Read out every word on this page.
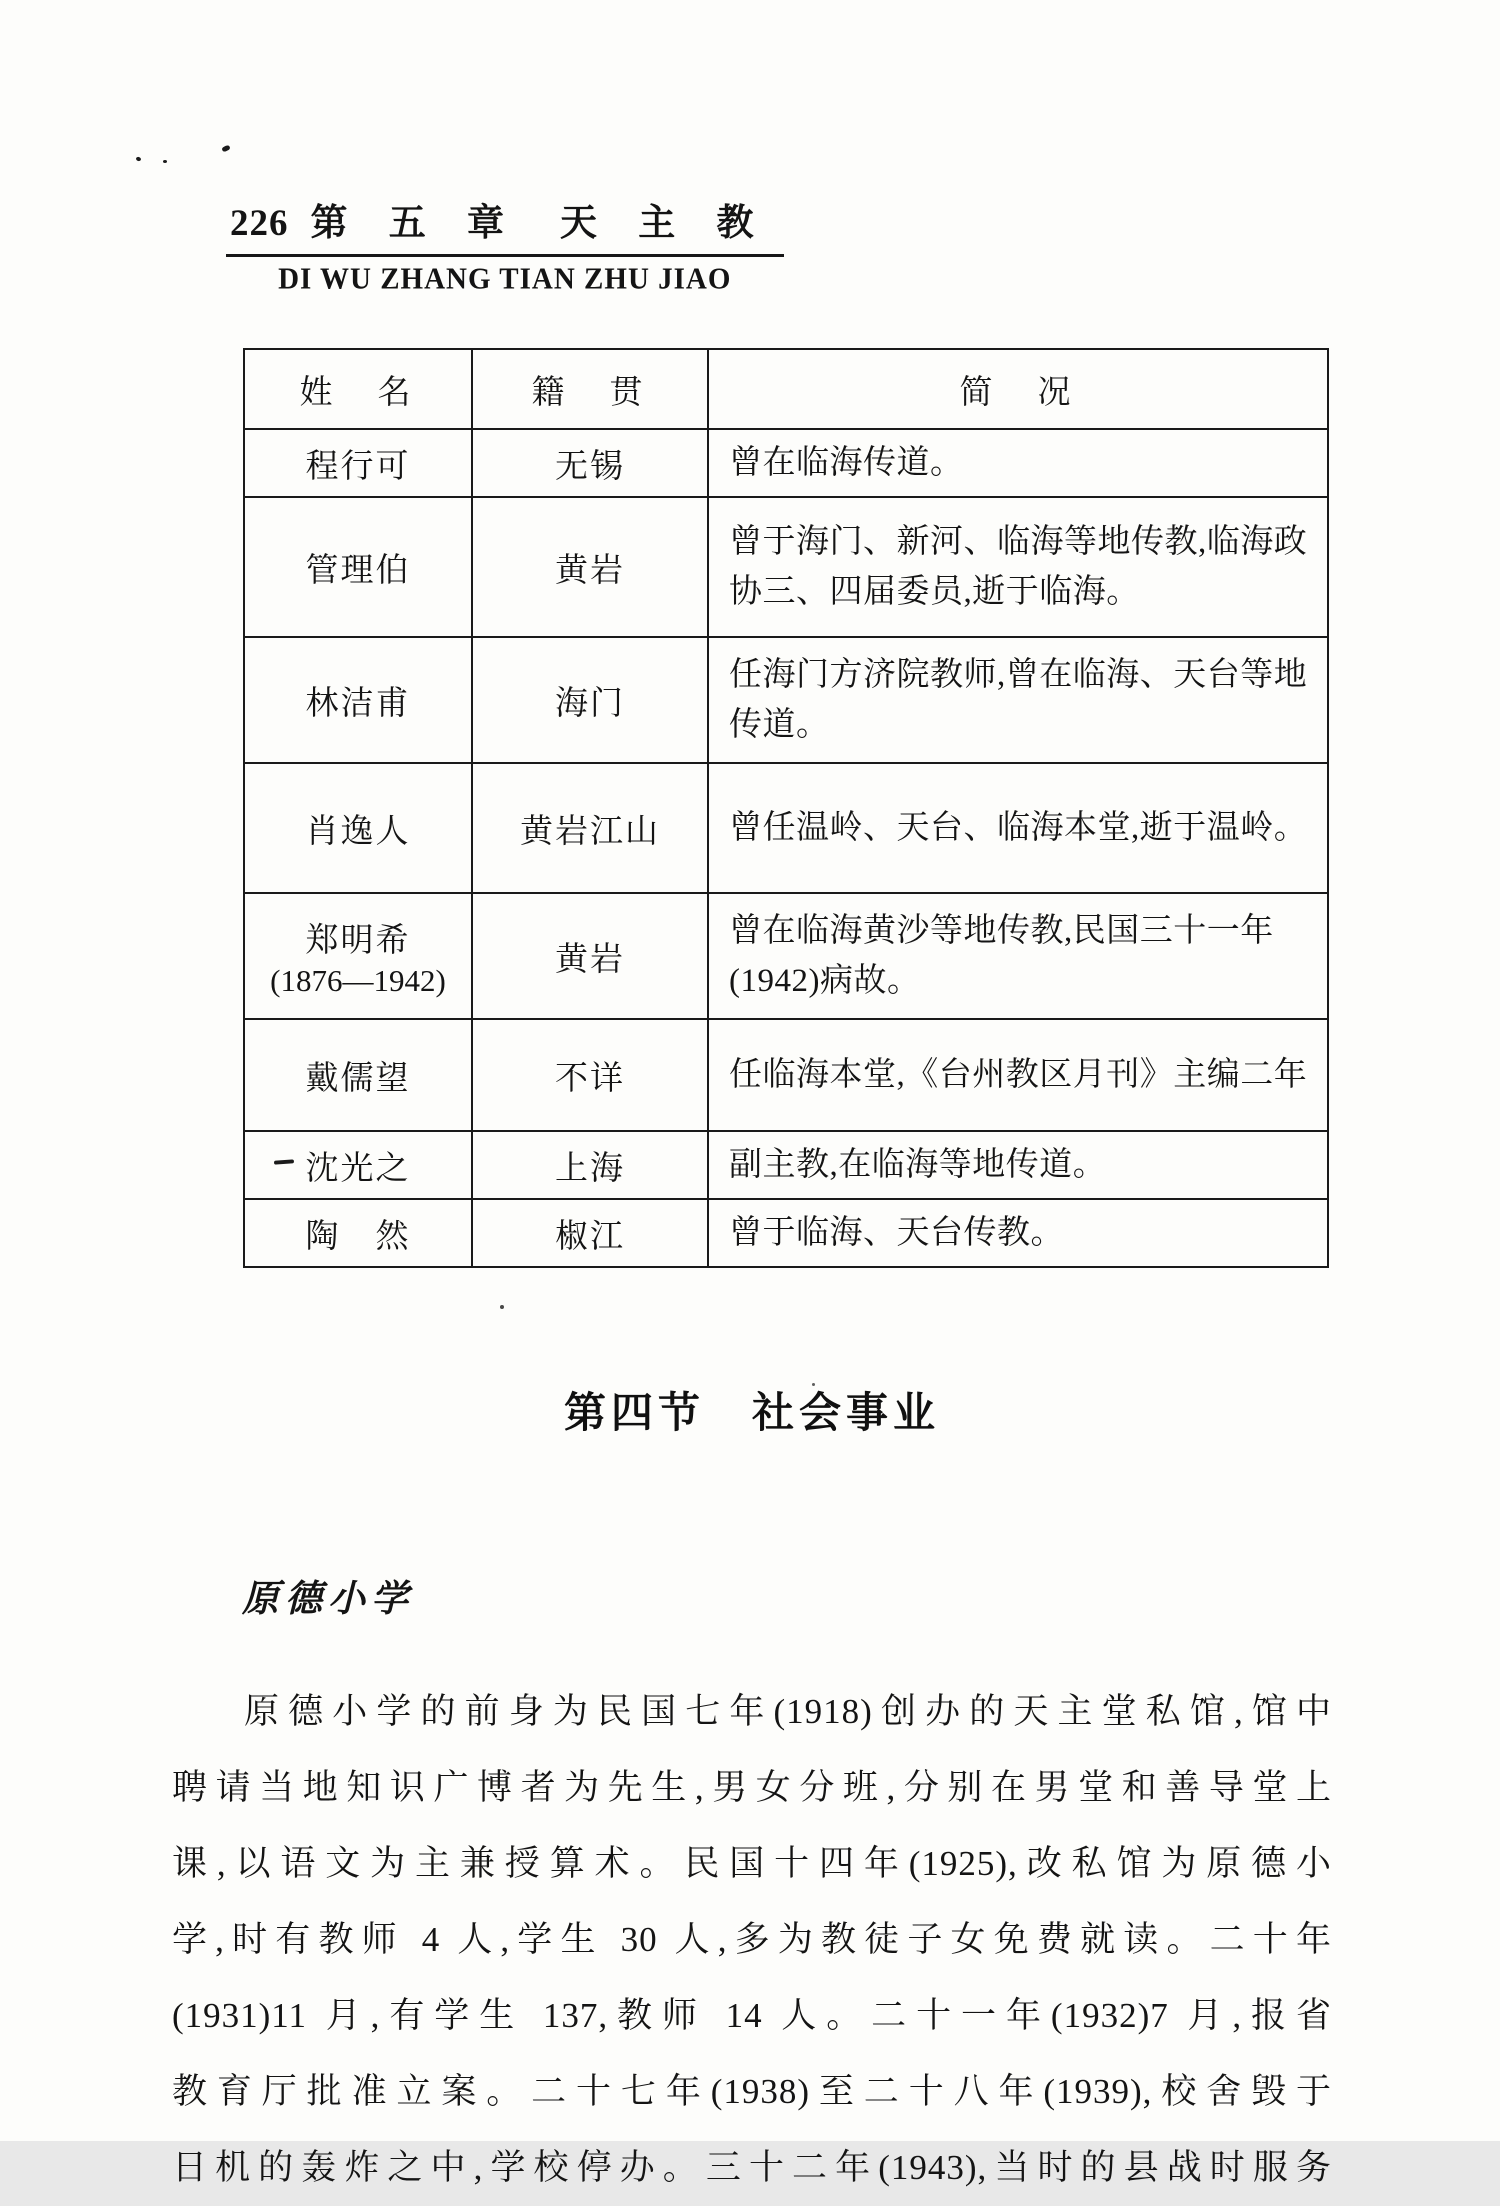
226 第 五 章 天 主 教
DI WU ZHANG TIAN ZHU JIAO
姓　名	籍　贯	简　况
程行可	无锡	曾在临海传道。
管理伯	黄岩	曾于海门、新河、临海等地传教,临海政协三、四届委员,逝于临海。
林洁甫	海门	任海门方济院教师,曾在临海、天台等地传道。
肖逸人	黄岩江山	曾任温岭、天台、临海本堂,逝于温岭。
郑明希
(1876—1942)	黄岩	曾在临海黄沙等地传教,民国三十一年(1942)病故。
戴儒望	不详	任临海本堂,《台州教区月刊》主编二年
沈光之	上海	副主教,在临海等地传道。
陶　然	椒江	曾于临海、天台传教。
第四节　社会事业
原德小学
原德小学的前身为民国七年(1918)创办的天主堂私馆,馆中
聘请当地知识广博者为先生,男女分班,分别在男堂和善导堂上
课,以语文为主兼授算术。民国十四年(1925),改私馆为原德小
学,时有教师 4 人,学生 30 人,多为教徒子女免费就读。二十年
(1931)11 月,有学生 137,教师 14 人。二十一年(1932)7 月,报省
教育厅批准立案。二十七年(1938)至二十八年(1939),校舍毁于
日机的轰炸之中,学校停办。三十二年(1943),当时的县战时服务
